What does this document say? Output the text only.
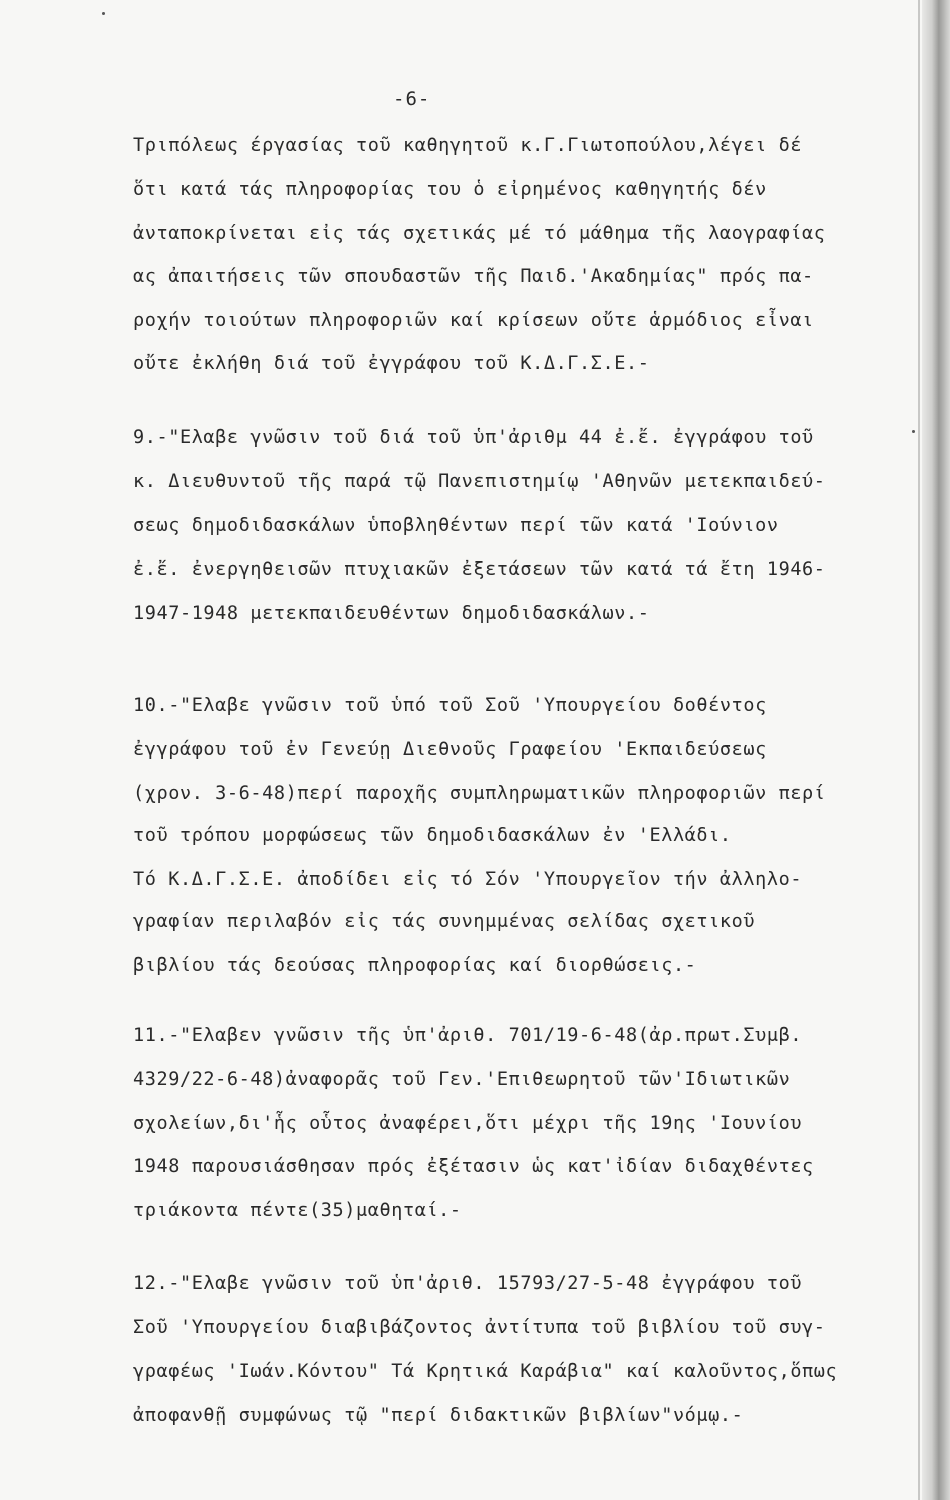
-6-
Τριπόλεως έργασίας τοῦ καθηγητοῦ κ.Γ.Γιωτοπούλου,λέγει δέ
ὅτι κατά τάς πληροφορίας του ὁ εἰρημένος καθηγητής δέν
ἀνταποκρίνεται εἰς τάς σχετικάς μέ τό μάθημα τῆς λαογραφίας
ας ἀπαιτήσεις τῶν σπουδαστῶν τῆς Παιδ.'Ακαδημίας" πρός πα-
ροχήν τοιούτων πληροφοριῶν καί κρίσεων οὔτε ἁρμόδιος εἶναι
οὔτε ἐκλήθη διά τοῦ ἐγγράφου τοῦ Κ.Δ.Γ.Σ.Ε.-
9.-"Ελαβε γνῶσιν τοῦ διά τοῦ ὑπ'ἀριθμ 44 ἐ.ἔ. ἐγγράφου τοῦ
κ. Διευθυντοῦ τῆς παρά τῷ Πανεπιστημίῳ 'Αθηνῶν μετεκπαιδεύ-
σεως δημοδιδασκάλων ὑποβληθέντων περί τῶν κατά 'Ιούνιον
ἐ.ἔ. ἐνεργηθεισῶν πτυχιακῶν ἐξετάσεων τῶν κατά τά ἔτη 1946-
1947-1948 μετεκπαιδευθέντων δημοδιδασκάλων.-
10.-"Ελαβε γνῶσιν τοῦ ὑπό τοῦ Σοῦ 'Υπουργείου δοθέντος
ἐγγράφου τοῦ ἐν Γενεύῃ Διεθνοῦς Γραφείου 'Εκπαιδεύσεως
(χρον. 3-6-48)περί παροχῆς συμπληρωματικῶν πληροφοριῶν περί
τοῦ τρόπου μορφώσεως τῶν δημοδιδασκάλων ἐν 'Ελλάδι.
Τό Κ.Δ.Γ.Σ.Ε. ἀποδίδει εἰς τό Σόν 'Υπουργεῖον τήν ἀλληλο-
γραφίαν περιλαβόν εἰς τάς συνημμένας σελίδας σχετικοῦ
βιβλίου τάς δεούσας πληροφορίας καί διορθώσεις.-
11.-"Ελαβεν γνῶσιν τῆς ὑπ'ἀριθ. 701/19-6-48(ἀρ.πρωτ.Συμβ.
4329/22-6-48)ἀναφορᾶς τοῦ Γεν.'Επιθεωρητοῦ τῶν'Ιδιωτικῶν
σχολείων,δι'ἧς οὗτος ἀναφέρει,ὅτι μέχρι τῆς 19ης 'Ιουνίου
1948 παρουσιάσθησαν πρός ἐξέτασιν ὡς κατ'ἰδίαν διδαχθέντες
τριάκοντα πέντε(35)μαθηταί.-
12.-"Ελαβε γνῶσιν τοῦ ὑπ'ἀριθ. 15793/27-5-48 ἐγγράφου τοῦ
Σοῦ 'Υπουργείου διαβιβάζοντος ἀντίτυπα τοῦ βιβλίου τοῦ συγ-
γραφέως 'Ιωάν.Κόντου" Τά Κρητικά Καράβια" καί καλοῦντος,ὅπως
ἀποφανθῇ συμφώνως τῷ "περί διδακτικῶν βιβλίων"νόμῳ.-
